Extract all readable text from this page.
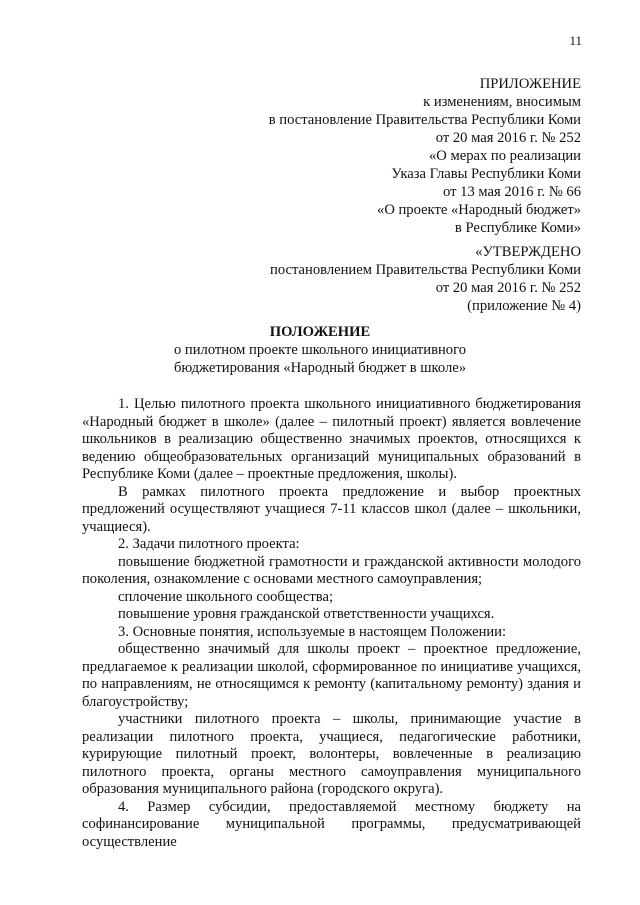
11
ПРИЛОЖЕНИЕ
к изменениям, вносимым
в постановление Правительства Республики Коми
от 20 мая 2016 г. № 252
«О мерах по реализации
Указа Главы Республики Коми
от 13 мая 2016 г. № 66
«О проекте «Народный бюджет»
в Республике Коми»
«УТВЕРЖДЕНО
постановлением Правительства Республики Коми
от 20 мая 2016 г. № 252
(приложение № 4)
ПОЛОЖЕНИЕ
о пилотном проекте школьного инициативного
бюджетирования «Народный бюджет в школе»

1. Целью пилотного проекта школьного инициативного бюджетирования «Народный бюджет в школе» (далее – пилотный проект) является вовлечение школьников в реализацию общественно значимых проектов, относящихся к ведению общеобразовательных организаций муниципальных образований в Республике Коми (далее – проектные предложения, школы).

В рамках пилотного проекта предложение и выбор проектных предложений осуществляют учащиеся 7-11 классов школ (далее – школьники, учащиеся).

2. Задачи пилотного проекта:

повышение бюджетной грамотности и гражданской активности молодого поколения, ознакомление с основами местного самоуправления;

сплочение школьного сообщества;

повышение уровня гражданской ответственности учащихся.

3. Основные понятия, используемые в настоящем Положении:

общественно значимый для школы проект – проектное предложение, предлагаемое к реализации школой, сформированное по инициативе учащихся, по направлениям, не относящимся к ремонту (капитальному ремонту) здания и благоустройству;

участники пилотного проекта – школы, принимающие участие в реализации пилотного проекта, учащиеся, педагогические работники, курирующие пилотный проект, волонтеры, вовлеченные в реализацию пилотного проекта, органы местного самоуправления муниципального образования муниципального района (городского округа).

4. Размер субсидии, предоставляемой местному бюджету на софинансирование муниципальной программы, предусматривающей осуществление
